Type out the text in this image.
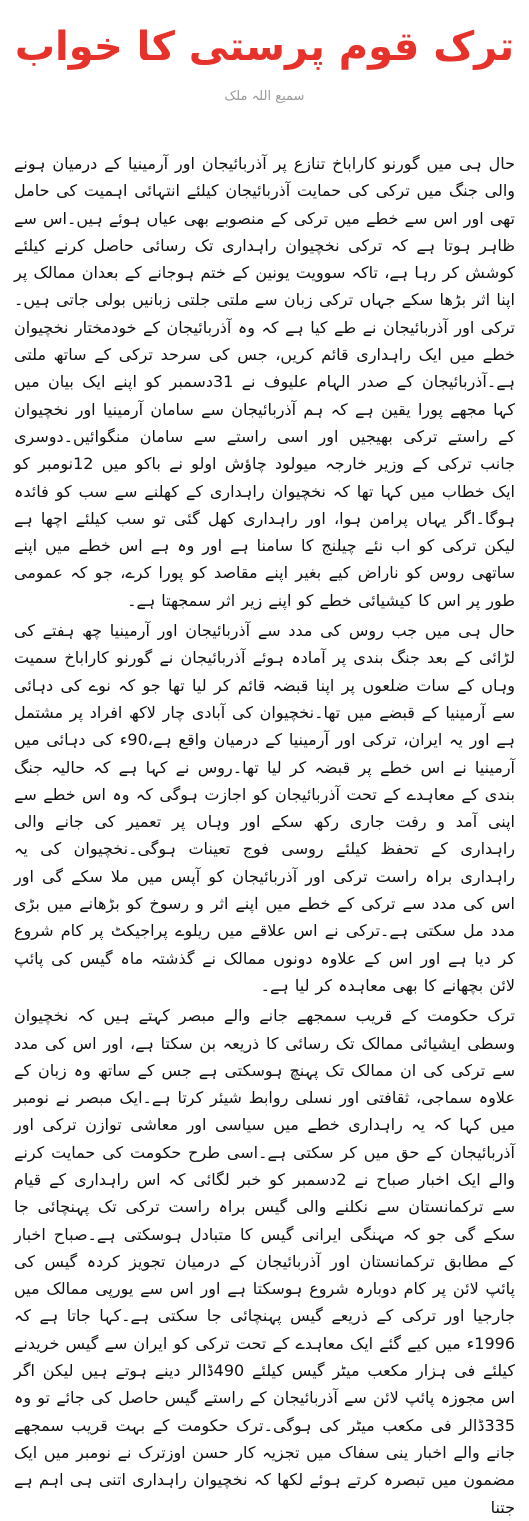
ترک قوم پرستی کا خواب
سمیع اللہ ملک

حال ہی میں گورنو کاراباخ تنازع پر آذربائیجان اور آرمینیا کے درمیان ہونے والی جنگ میں ترکی کی حمایت آذربائیجان کیلئے انتہائی اہمیت کی حامل تھی اور اس سے خطے میں ترکی کے منصوبے بھی عیاں ہوئے ہیں۔اس سے ظاہر ہوتا ہے کہ ترکی نخچیوان راہداری تک رسائی حاصل کرنے کیلئے کوشش کر رہا ہے، تاکہ سوویت یونین کے ختم ہوجانے کے بعدان ممالک پر اپنا اثر بڑھا سکے جہاں ترکی زبان سے ملتی جلتی زبانیں بولی جاتی ہیں۔ترکی اور آذربائیجان نے طے کیا ہے کہ وہ آذربائیجان کے خودمختار نخچیوان خطے میں ایک راہداری قائم کریں، جس کی سرحد ترکی کے ساتھ ملتی ہے۔آذربائیجان کے صدر الہام علیوف نے 31دسمبر کو اپنے ایک بیان میں کہا مجھے پورا یقین ہے کہ ہم آذربائیجان سے سامان آرمینیا اور نخچیوان کے راستے ترکی بھیجیں اور اسی راستے سے سامان منگوائیں۔دوسری جانب ترکی کے وزیر خارجہ میولود چاؤش اولو نے باکو میں 12نومبر کو ایک خطاب میں کہا تھا کہ نخچیوان راہداری کے کھلنے سے سب کو فائدہ ہوگا۔اگر یہاں پرامن ہوا، اور راہداری کھل گئی تو سب کیلئے اچھا ہے لیکن ترکی کو اب نئے چیلنج کا سامنا ہے اور وہ ہے اس خطے میں اپنے ساتھی روس کو ناراض کیے بغیر اپنے مقاصد کو پورا کرے، جو کہ عمومی طور پر اس کا کیشیائی خطے کو اپنے زیر اثر سمجھتا ہے۔

حال ہی میں جب روس کی مدد سے آذربائیجان اور آرمینیا چھ ہفتے کی لڑائی کے بعد جنگ بندی پر آمادہ ہوئے آذربائیجان نے گورنو کاراباخ سمیت وہاں کے سات ضلعوں پر اپنا قبضہ قائم کر لیا تھا جو کہ نوے کی دہائی سے آرمینیا کے قبضے میں تھا۔نخچیوان کی آبادی چار لاکھ افراد پر مشتمل ہے اور یہ ایران، ترکی اور آرمینیا کے درمیان واقع ہے،90ء کی دہائی میں آرمینیا نے اس خطے پر قبضہ کر لیا تھا۔روس نے کہا ہے کہ حالیہ جنگ بندی کے معاہدے کے تحت آذربائیجان کو اجازت ہوگی کہ وہ اس خطے سے اپنی آمد و رفت جاری رکھ سکے اور وہاں پر تعمیر کی جانے والی راہداری کے تحفظ کیلئے روسی فوج تعینات ہوگی۔نخچیوان کی یہ راہداری براہ راست ترکی اور آذربائیجان کو آپس میں ملا سکے گی اور اس کی مدد سے ترکی کے خطے میں اپنے اثر و رسوخ کو بڑھانے میں بڑی مدد مل سکتی ہے۔ترکی نے اس علاقے میں ریلوے پراجیکٹ پر کام شروع کر دیا ہے اور اس کے علاوہ دونوں ممالک نے گذشتہ ماہ گیس کی پائپ لائن بچھانے کا بھی معاہدہ کر لیا ہے۔

ترک حکومت کے قریب سمجھے جانے والے مبصر کہتے ہیں کہ نخچیوان وسطی ایشیائی ممالک تک رسائی کا ذریعہ بن سکتا ہے، اور اس کی مدد سے ترکی کی ان ممالک تک پہنچ ہوسکتی ہے جس کے ساتھ وہ زبان کے علاوہ سماجی، ثقافتی اور نسلی روابط شیئر کرتا ہے۔ایک مبصر نے نومبر میں کہا کہ یہ راہداری خطے میں سیاسی اور معاشی توازن ترکی اور آذربائیجان کے حق میں کر سکتی ہے۔اسی طرح حکومت کی حمایت کرنے والے ایک اخبار صباح نے 2دسمبر کو خبر لگائی کہ اس راہداری کے قیام سے ترکمانستان سے نکلنے والی گیس براہ راست ترکی تک پہنچائی جا سکے گی جو کہ مہنگی ایرانی گیس کا متبادل ہوسکتی ہے۔صباح اخبار کے مطابق ترکمانستان اور آذربائیجان کے درمیان تجویز کردہ گیس کی پائپ لائن پر کام دوبارہ شروع ہوسکتا ہے اور اس سے یورپی ممالک میں جارجیا اور ترکی کے ذریعے گیس پہنچائی جا سکتی ہے۔کہا جاتا ہے کہ 1996ء میں کیے گئے ایک معاہدے کے تحت ترکی کو ایران سے گیس خریدنے کیلئے فی ہزار مکعب میٹر گیس کیلئے 490ڈالر دینے ہوتے ہیں لیکن اگر اس مجوزہ پائپ لائن سے آذربائیجان کے راستے گیس حاصل کی جائے تو وہ 335ڈالر فی مکعب میٹر کی ہوگی۔ترک حکومت کے بہت قریب سمجھے جانے والے اخبار ینی سفاک میں تجزیہ کار حسن اوزترک نے نومبر میں ایک مضمون میں تبصرہ کرتے ہوئے لکھا کہ نخچیوان راہداری اتنی ہی اہم ہے جتنا
